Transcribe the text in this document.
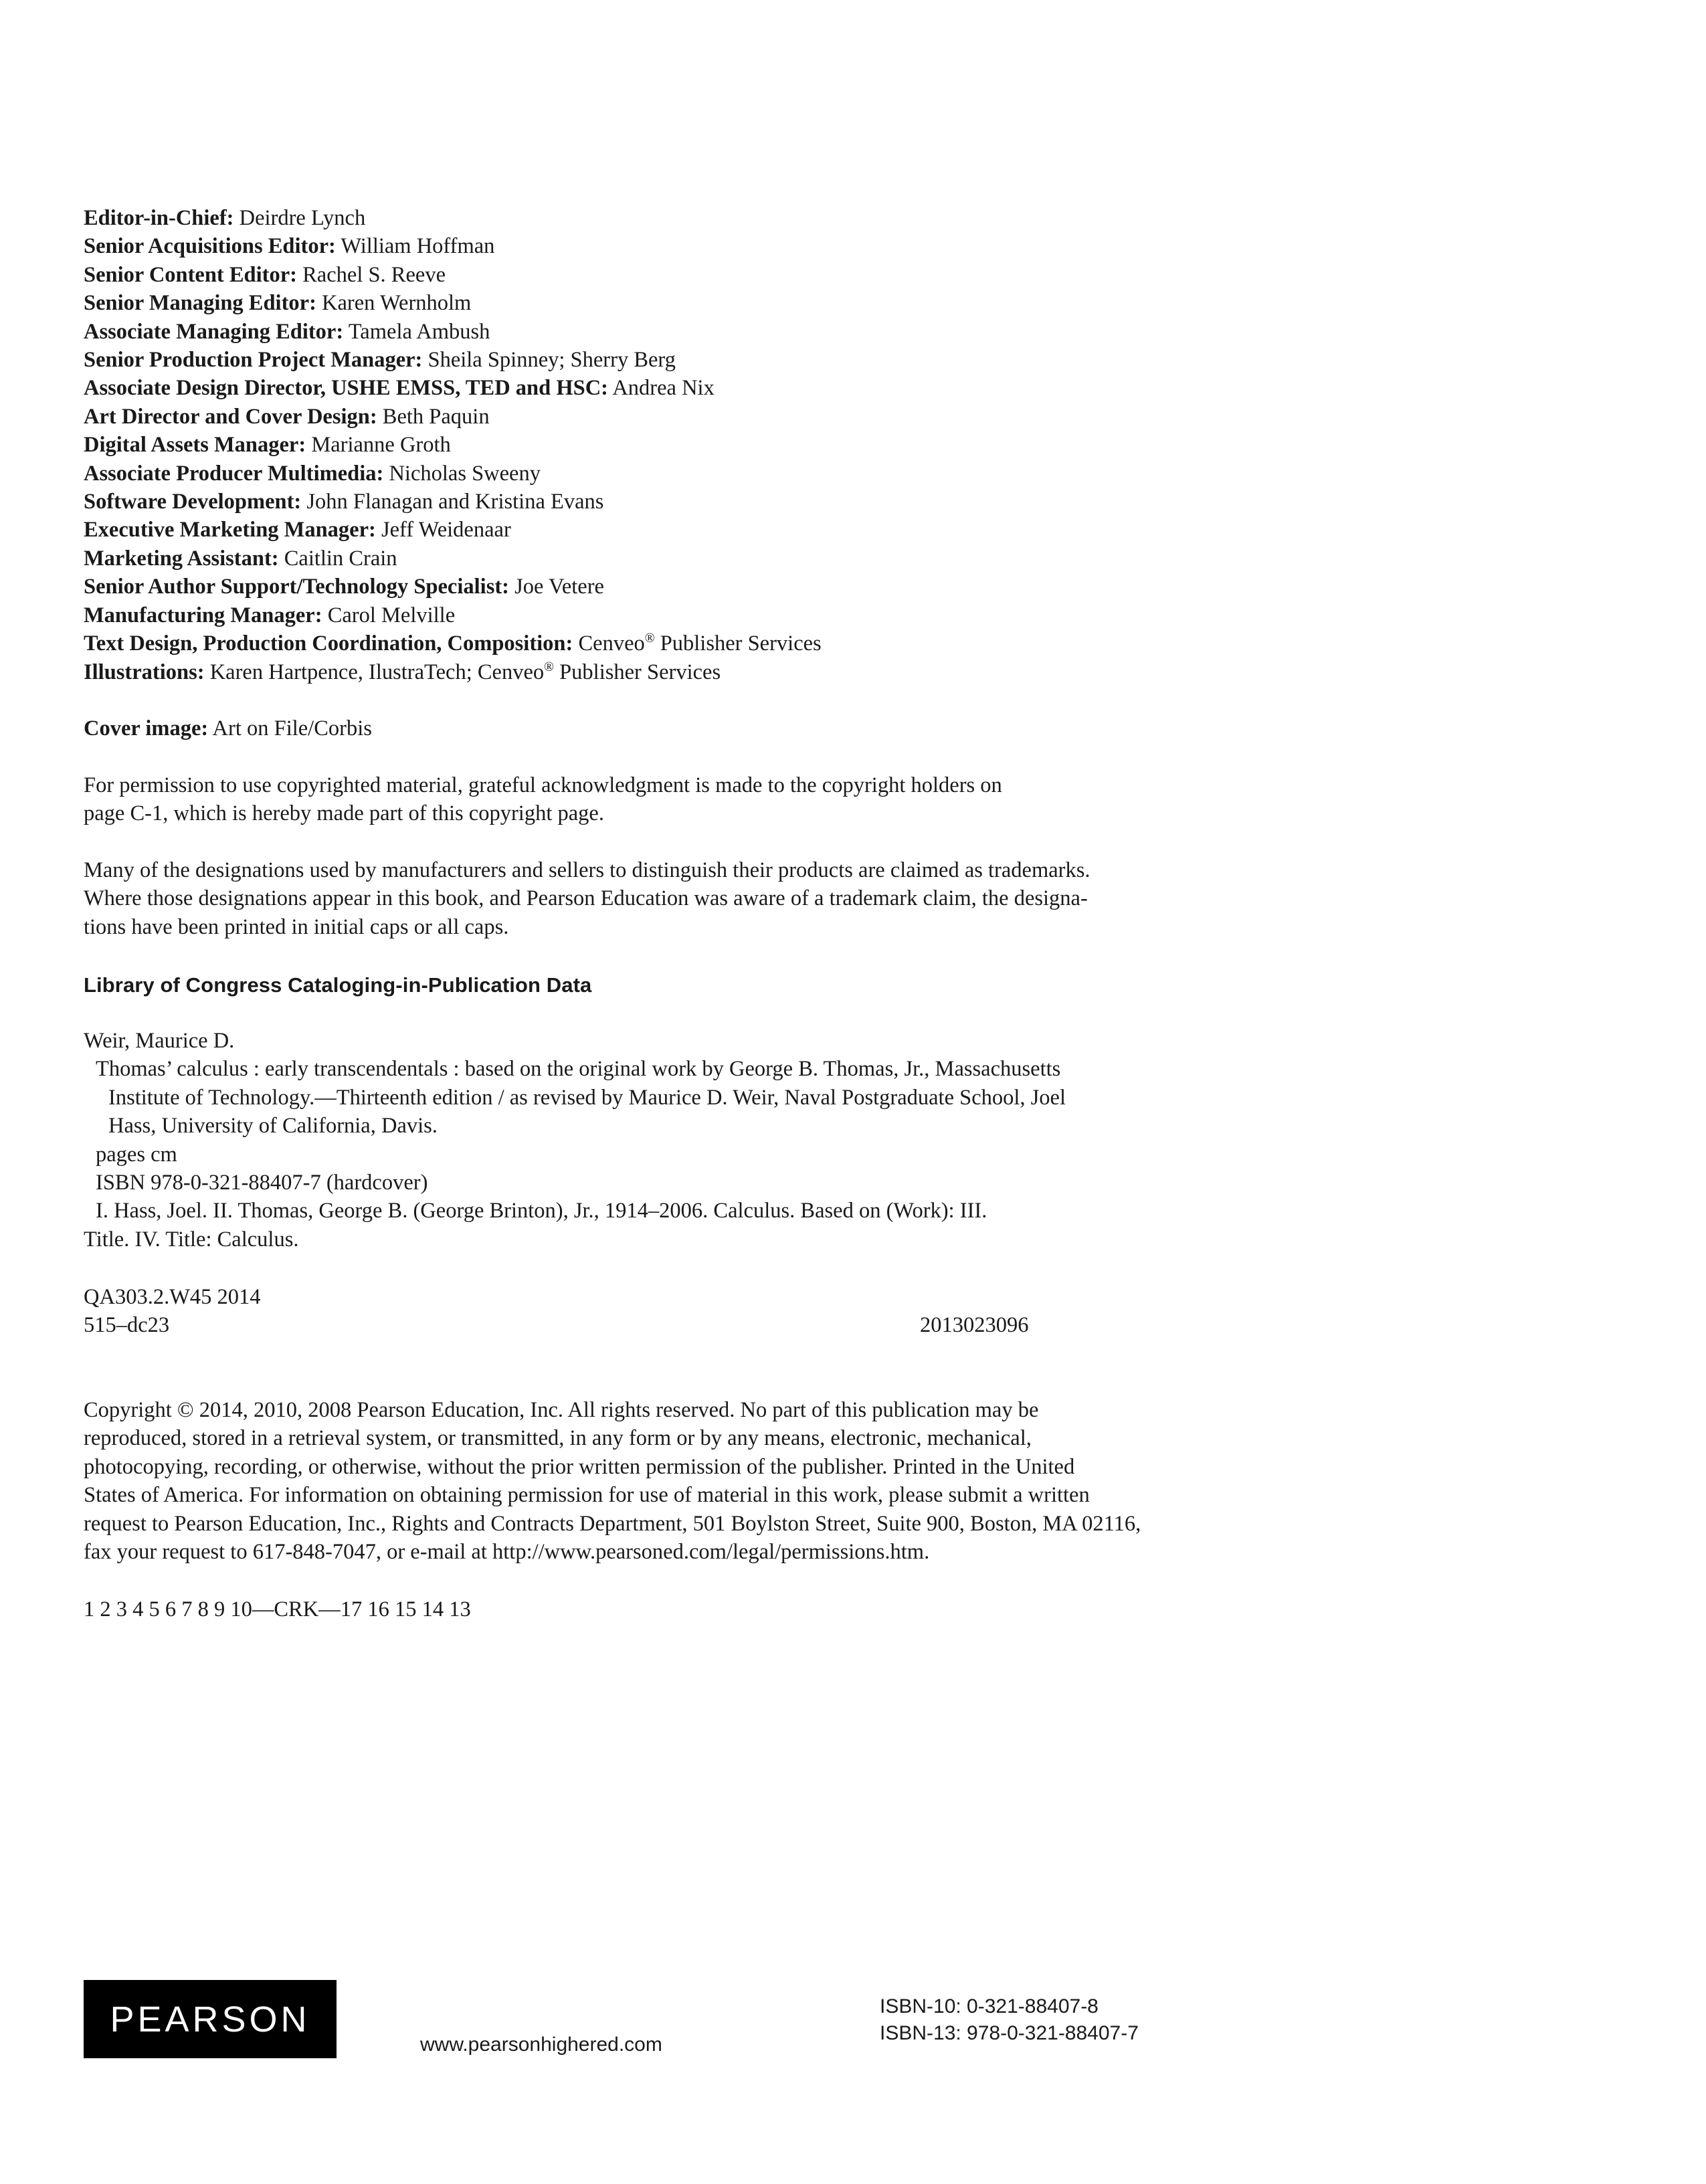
Editor-in-Chief: Deirdre Lynch
Senior Acquisitions Editor: William Hoffman
Senior Content Editor: Rachel S. Reeve
Senior Managing Editor: Karen Wernholm
Associate Managing Editor: Tamela Ambush
Senior Production Project Manager: Sheila Spinney; Sherry Berg
Associate Design Director, USHE EMSS, TED and HSC: Andrea Nix
Art Director and Cover Design: Beth Paquin
Digital Assets Manager: Marianne Groth
Associate Producer Multimedia: Nicholas Sweeny
Software Development: John Flanagan and Kristina Evans
Executive Marketing Manager: Jeff Weidenaar
Marketing Assistant: Caitlin Crain
Senior Author Support/Technology Specialist: Joe Vetere
Manufacturing Manager: Carol Melville
Text Design, Production Coordination, Composition: Cenveo® Publisher Services
Illustrations: Karen Hartpence, IlustraTech; Cenveo® Publisher Services
Cover image: Art on File/Corbis
For permission to use copyrighted material, grateful acknowledgment is made to the copyright holders on
page C-1, which is hereby made part of this copyright page.
Many of the designations used by manufacturers and sellers to distinguish their products are claimed as trademarks.
Where those designations appear in this book, and Pearson Education was aware of a trademark claim, the designa-
tions have been printed in initial caps or all caps.
Library of Congress Cataloging-in-Publication Data
Weir, Maurice D.
Thomas’ calculus : early transcendentals : based on the original work by George B. Thomas, Jr., Massachusetts
Institute of Technology.—Thirteenth edition / as revised by Maurice D. Weir, Naval Postgraduate School, Joel
Hass, University of California, Davis.
pages cm
ISBN 978-0-321-88407-7 (hardcover)
I. Hass, Joel. II. Thomas, George B. (George Brinton), Jr., 1914–2006. Calculus. Based on (Work): III.
Title. IV. Title: Calculus.
QA303.2.W45 2014
515–dc23	2013023096
Copyright © 2014, 2010, 2008 Pearson Education, Inc. All rights reserved. No part of this publication may be
reproduced, stored in a retrieval system, or transmitted, in any form or by any means, electronic, mechanical,
photocopying, recording, or otherwise, without the prior written permission of the publisher. Printed in the United
States of America. For information on obtaining permission for use of material in this work, please submit a written
request to Pearson Education, Inc., Rights and Contracts Department, 501 Boylston Street, Suite 900, Boston, MA 02116,
fax your request to 617-848-7047, or e-mail at http://www.pearsoned.com/legal/permissions.htm.
1 2 3 4 5 6 7 8 9 10—CRK—17 16 15 14 13
PEARSON
www.pearsonhighered.com
ISBN-10: 0-321-88407-8
ISBN-13: 978-0-321-88407-7
